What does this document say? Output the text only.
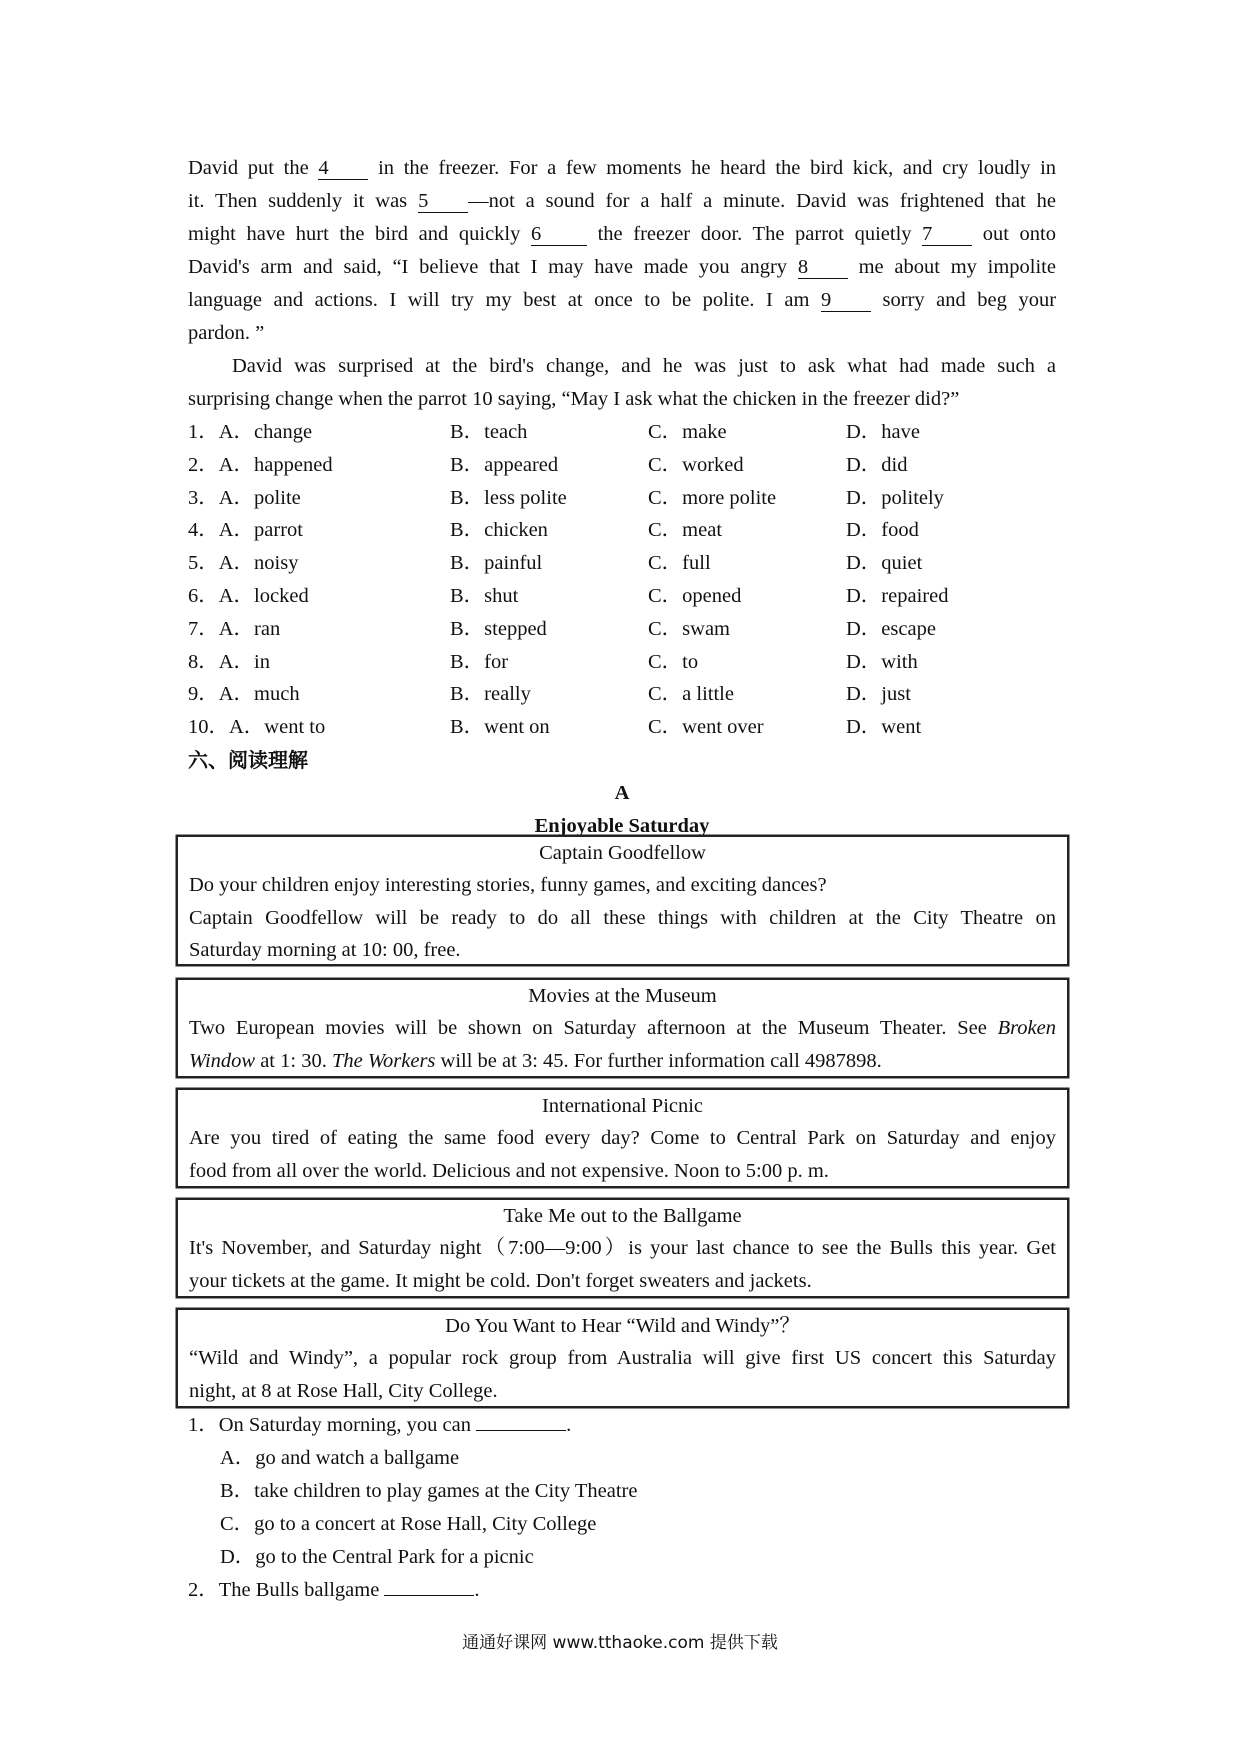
David put the 4 in the freezer. For a few moments he heard the bird kick, and cry loudly in
it. Then suddenly it was 5 —not a sound for a half a minute. David was frightened that he
might have hurt the bird and quickly 6	the freezer door. The parrot quietly 7 out onto
David's arm and said, “I believe that I may have made you angry 8 me about my impolite
language and actions. I will try my best at once to be polite. I am 9	sorry and beg your
pardon. ”
David was surprised at the bird's change, and he was just to ask what had made such a
surprising change when the parrot 10 saying, “May I ask what the chicken in the freezer did?”
1．A．change	B．teach	C．make	D．have
2．A．happened	B．appeared	C．worked	D．did
3．A．polite	B．less polite	C．more polite	D．politely
4．A．parrot	B．chicken	C．meat	D．food
5．A．noisy	B．painful	C．full	D．quiet
6．A．locked	B．shut	C．opened	D．repaired
7．A．ran	B．stepped	C．swam	D．escape
8．A．in	B．for	C．to	D．with
9．A．much	B．really	C．a little	D．just
10．A．went to	B．went on	C．went over	D．went
六、阅读理解
A
Enjoyable Saturday
Captain Goodfellow
Do your children enjoy interesting stories, funny games, and exciting dances?
Captain Goodfellow will be ready to do all these things with children at the City Theatre on
Saturday morning at 10: 00, free.
Movies at the Museum
Two European movies will be shown on Saturday afternoon at the Museum Theater. See Broken
Window at 1: 30. The Workers will be at 3: 45. For further information call 4987898.
International Picnic
Are you tired of eating the same food every day? Come to Central Park on Saturday and enjoy
food from all over the world. Delicious and not expensive. Noon to 5:00 p. m.
Take Me out to the Ballgame
It's November, and Saturday night（7:00—9:00）is your last chance to see the Bulls this year. Get
your tickets at the game. It might be cold. Don't forget sweaters and jackets.
Do You Want to Hear “Wild and Windy”？
“Wild and Windy”, a popular rock group from Australia will give first US concert this Saturday
night, at 8 at Rose Hall, City College.
1．On Saturday morning, you can	.
A．go and watch a ballgame
B．take children to play games at the City Theatre
C．go to a concert at Rose Hall, City College
D．go to the Central Park for a picnic
2．The Bulls ballgame	.
通通好课网 www.tthaoke.com 提供下载
